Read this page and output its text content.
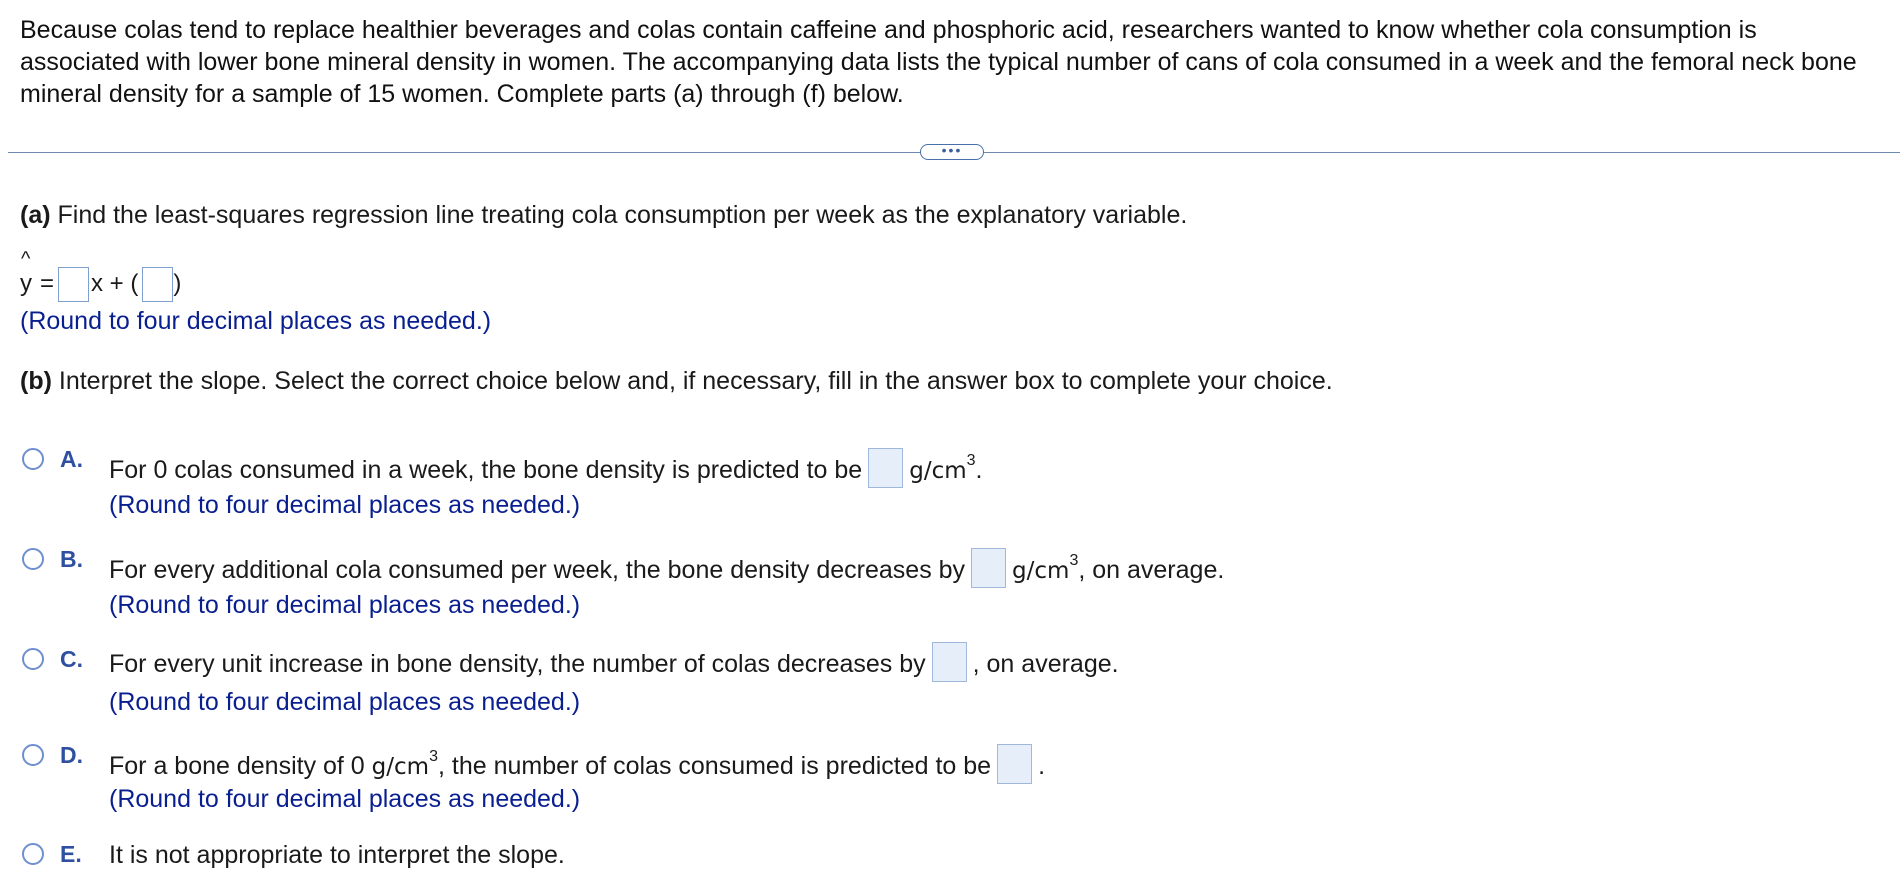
Because colas tend to replace healthier beverages and colas contain caffeine and phosphoric acid, researchers wanted to know whether cola consumption is associated with lower bone mineral density in women. The accompanying data lists the typical number of cans of cola consumed in a week and the femoral neck bone mineral density for a sample of 15 women. Complete parts (a) through (f) below.
•••
(a) Find the least-squares regression line treating cola consumption per week as the explanatory variable.
^
y = x + ( )
(Round to four decimal places as needed.)
(b) Interpret the slope. Select the correct choice below and, if necessary, fill in the answer box to complete your choice.
A. For 0 colas consumed in a week, the bone density is predicted to be $g/cm^3$.
(Round to four decimal places as needed.)
B. For every additional cola consumed per week, the bone density decreases by $g/cm^3$, on average.
(Round to four decimal places as needed.)
C. For every unit increase in bone density, the number of colas decreases by , on average.
(Round to four decimal places as needed.)
D. For a bone density of 0 $g/cm^3$, the number of colas consumed is predicted to be .
(Round to four decimal places as needed.)
E. It is not appropriate to interpret the slope.
